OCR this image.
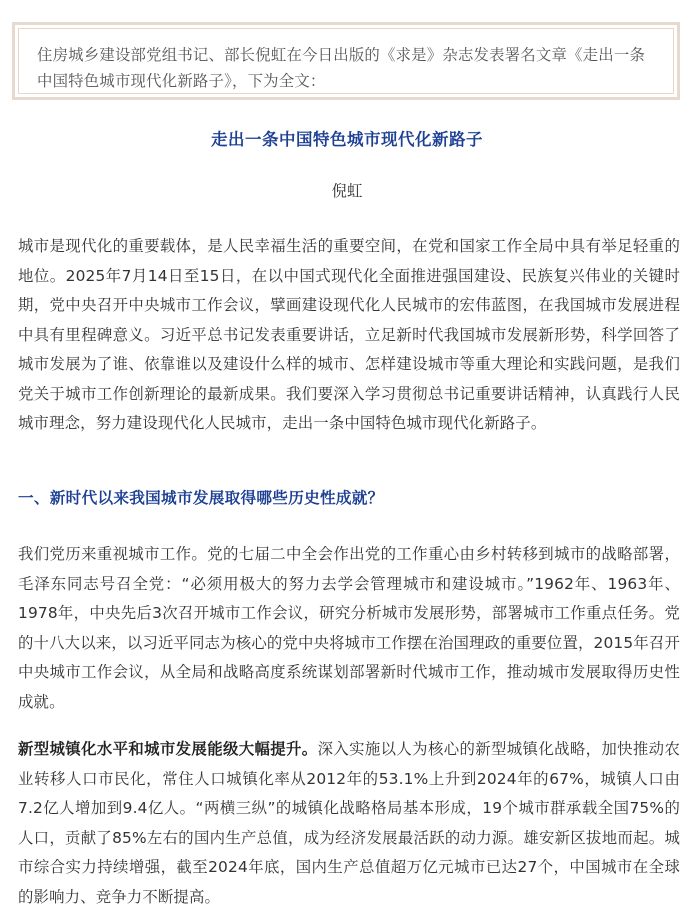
住房城乡建设部党组书记、部长倪虹在今日出版的《求是》杂志发表署名文章《走出一条中国特色城市现代化新路子》，下为全文：
走出一条中国特色城市现代化新路子
倪虹

城市是现代化的重要载体，是人民幸福生活的重要空间，在党和国家工作全局中具有举足轻重的地位。2025年7月14日至15日，在以中国式现代化全面推进强国建设、民族复兴伟业的关键时期，党中央召开中央城市工作会议，擘画建设现代化人民城市的宏伟蓝图，在我国城市发展进程中具有里程碑意义。习近平总书记发表重要讲话，立足新时代我国城市发展新形势，科学回答了城市发展为了谁、依靠谁以及建设什么样的城市、怎样建设城市等重大理论和实践问题，是我们党关于城市工作创新理论的最新成果。我们要深入学习贯彻总书记重要讲话精神，认真践行人民城市理念，努力建设现代化人民城市，走出一条中国特色城市现代化新路子。

一、新时代以来我国城市发展取得哪些历史性成就？

我们党历来重视城市工作。党的七届二中全会作出党的工作重心由乡村转移到城市的战略部署，毛泽东同志号召全党：“必须用极大的努力去学会管理城市和建设城市。”1962年、1963年、1978年，中央先后3次召开城市工作会议，研究分析城市发展形势，部署城市工作重点任务。党的十八大以来，以习近平同志为核心的党中央将城市工作摆在治国理政的重要位置，2015年召开中央城市工作会议，从全局和战略高度系统谋划部署新时代城市工作，推动城市发展取得历史性成就。

新型城镇化水平和城市发展能级大幅提升。深入实施以人为核心的新型城镇化战略，加快推动农业转移人口市民化，常住人口城镇化率从2012年的53.1%上升到2024年的67%，城镇人口由7.2亿人增加到9.4亿人。“两横三纵”的城镇化战略格局基本形成，19个城市群承载全国75%的人口，贡献了85%左右的国内生产总值，成为经济发展最活跃的动力源。雄安新区拔地而起。城市综合实力持续增强，截至2024年底，国内生产总值超万亿元城市已达27个，中国城市在全球的影响力、竞争力不断提高。
